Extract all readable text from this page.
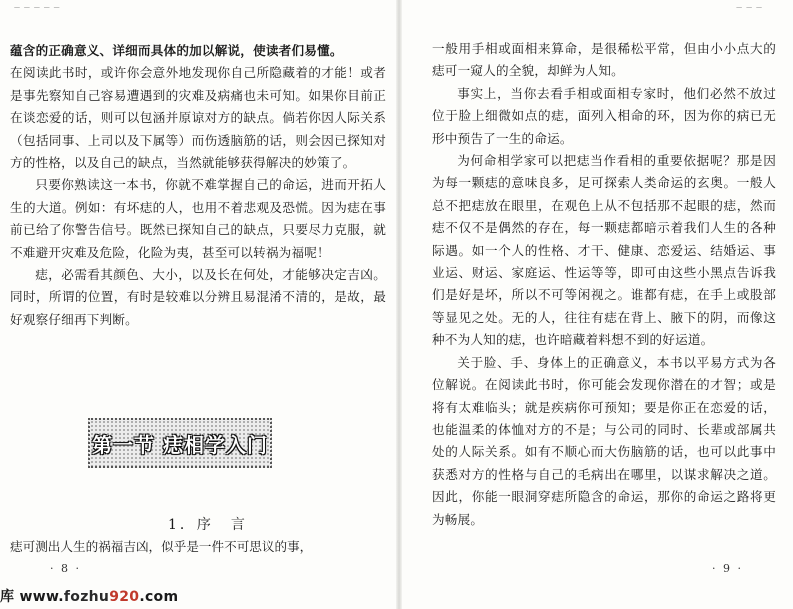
— — — — —

蕴含的正确意义、详细而具体的加以解说，使读者们易懂。

在阅读此书时，或许你会意外地发现你自己所隐藏着的才能！或者是事先察知自己容易遭遇到的灾难及病痛也未可知。如果你目前正在谈恋爱的话，则可以包涵并原谅对方的缺点。倘若你因人际关系（包括同事、上司以及下属等）而伤透脑筋的话，则会因已探知对方的性格，以及自己的缺点，当然就能够获得解决的妙策了。

只要你熟读这一本书，你就不难掌握自己的命运，进而开拓人生的大道。例如：有坏痣的人，也用不着悲观及恐慌。因为痣在事前已给了你警告信号。既然已探知自己的缺点，只要尽力克服，就不难避开灾难及危险，化险为夷，甚至可以转祸为福呢！

痣，必需看其颜色、大小，以及长在何处，才能够决定吉凶。同时，所谓的位置，有时是较难以分辨且易混淆不清的，是故，最好观察仔细再下判断。

第一节 痣相学入门
1．序　言
痣可测出人生的祸福吉凶，似乎是一件不可思议的事，
· 8 ·
— — —

一般用手相或面相来算命，是很稀松平常，但由小小点大的痣可一窥人的全貌，却鲜为人知。

事实上，当你去看手相或面相专家时，他们必然不放过位于脸上细微如点的痣，面列入相命的环，因为你的病已无形中预告了一生的命运。

为何命相学家可以把痣当作看相的重要依据呢？那是因为每一颗痣的意味良多，足可探索人类命运的玄奥。一般人总不把痣放在眼里，在观色上从不包括那不起眼的痣，然而痣不仅不是偶然的存在，每一颗痣都暗示着我们人生的各种际遇。如一个人的性格、才干、健康、恋爱运、结婚运、事业运、财运、家庭运、性运等等，即可由这些小黑点告诉我们是好是坏，所以不可等闲视之。谁都有痣，在手上或股部等显见之处。无的人，往往有痣在背上、腋下的阴，而像这种不为人知的痣，也许暗藏着料想不到的好运道。

关于脸、手、身体上的正确意义，本书以平易方式为各位解说。在阅读此书时，你可能会发现你潜在的才智；或是将有太难临头；就是疾病你可预知；要是你正在恋爱的话，也能温柔的体恤对方的不是；与公司的同时、长辈或部属共处的人际关系。如有不顺心而大伤脑筋的话，也可以此事中获悉对方的性格与自己的毛病出在哪里，以谋求解决之道。因此，你能一眼洞穿痣所隐含的命运，那你的命运之路将更为畅展。

· 9 ·
库 www.fozhu920.com
